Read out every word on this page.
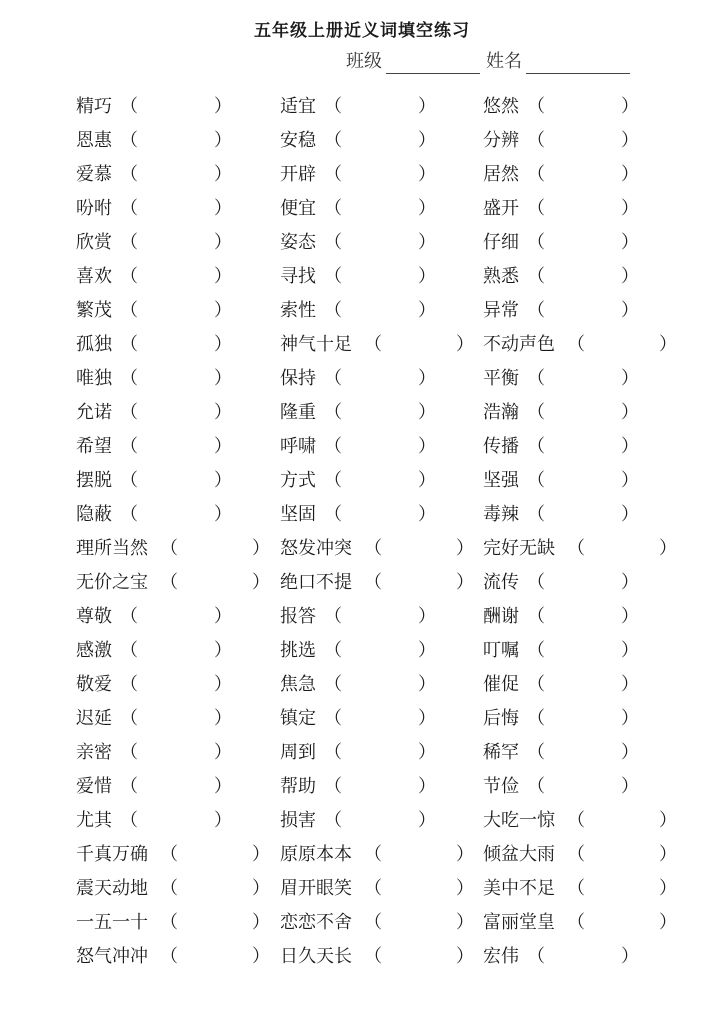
五年级上册近义词填空练习
班级	姓名
精巧 （	）	适宜 （	）	悠然 （	）
恩惠 （	）	安稳 （	）	分辨 （	）
爱慕 （	）	开辟 （	）	居然 （	）
吩咐 （	）	便宜 （	）	盛开 （	）
欣赏 （	）	姿态 （	）	仔细 （	）
喜欢 （	）	寻找 （	）	熟悉 （	）
繁茂 （	）	索性 （	）	异常 （	）
孤独 （	）	神气十足 （	） 不动声色 （	）
唯独 （	）	保持 （	）	平衡 （	）
允诺 （	）	隆重 （	）	浩瀚 （	）
希望 （	）	呼啸 （	）	传播 （	）
摆脱 （	）	方式 （	）	坚强 （	）
隐蔽 （	）	坚固 （	）	毒辣 （	）
理所当然 （	） 怒发冲突 （	） 完好无缺 （	）
无价之宝 （	） 绝口不提 （	） 流传 （	）
尊敬 （	）	报答 （	）	酬谢 （	）
感激 （	）	挑选 （	）	叮嘱 （	）
敬爱 （	）	焦急 （	）	催促 （	）
迟延 （	）	镇定 （	）	后悔 （	）
亲密 （	）	周到 （	）	稀罕 （	）
爱惜 （	）	帮助 （	）	节俭 （	）
尤其 （	）	损害 （	）	大吃一惊 （	）
千真万确 （	） 原原本本 （	） 倾盆大雨 （	）
震天动地 （	） 眉开眼笑 （	） 美中不足 （	）
一五一十 （	） 恋恋不舍 （	） 富丽堂皇 （	）
怒气冲冲 （	） 日久天长 （	） 宏伟 （	）
